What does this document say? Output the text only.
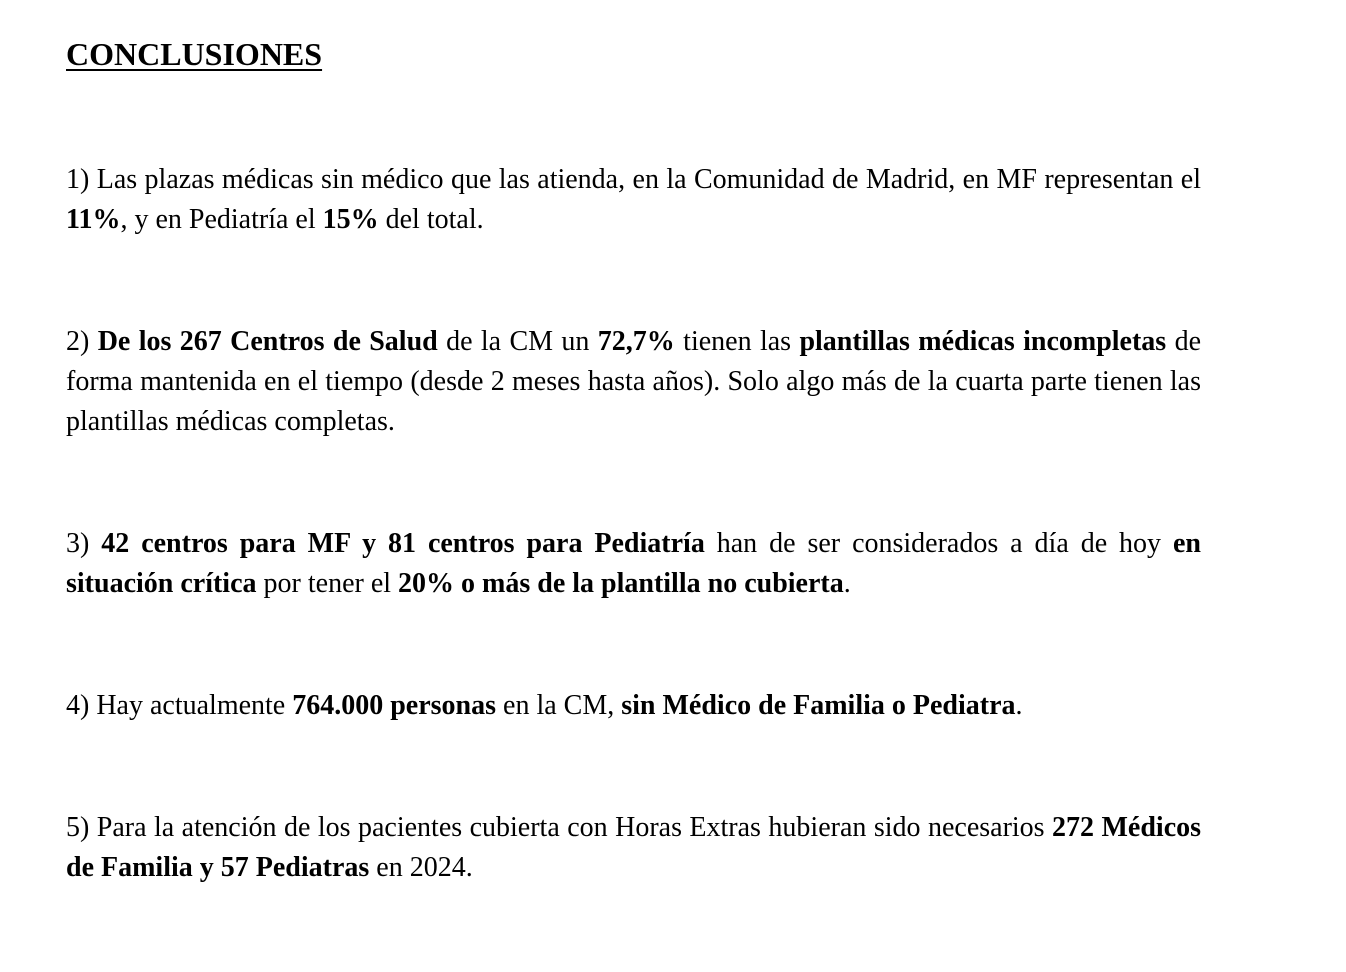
CONCLUSIONES

1) Las plazas médicas sin médico que las atienda, en la Comunidad de Madrid, en MF representan el 11%, y en Pediatría el 15% del total.

2) De los 267 Centros de Salud de la CM un 72,7% tienen las plantillas médicas incompletas de forma mantenida en el tiempo (desde 2 meses hasta años). Solo algo más de la cuarta parte tienen las plantillas médicas completas.

3) 42 centros para MF y 81 centros para Pediatría han de ser considerados a día de hoy en situación crítica por tener el 20% o más de la plantilla no cubierta.

4) Hay actualmente 764.000 personas en la CM, sin Médico de Familia o Pediatra.

5) Para la atención de los pacientes cubierta con Horas Extras hubieran sido necesarios 272 Médicos de Familia y 57 Pediatras en 2024.
